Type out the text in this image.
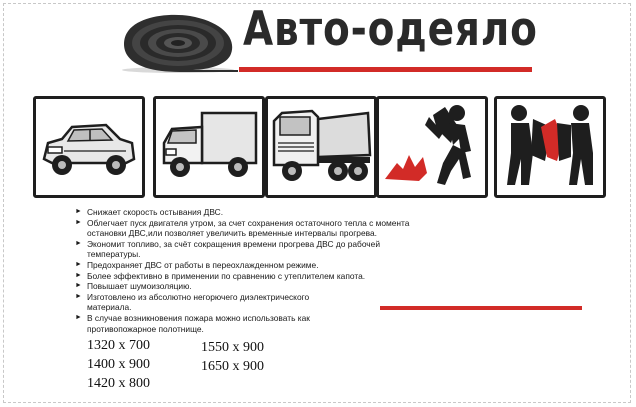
Авто-одеяло
► Снижает скорость остывания ДВС.
► Облегчает пуск двигателя утром, за счет сохранения остаточного тепла с момента остановки ДВС,или позволяет увеличить временные интервалы прогрева.
► Экономит топливо, за счёт сокращения времени прогрева ДВС до рабочей температуры.
► Предохраняет ДВС от работы в переохлажденном режиме.
► Более эффективно в применении по сравнению с утеплителем капота.
► Повышает шумоизоляцию.
► Изготовлено из абсолютно негорючего диэлектрического материала.
► В случае возникновения пожара можно использовать как противопожарное полотнище.
1320 х 700
1400 х 900
1420 х 800
1550 х 900
1650 х 900
